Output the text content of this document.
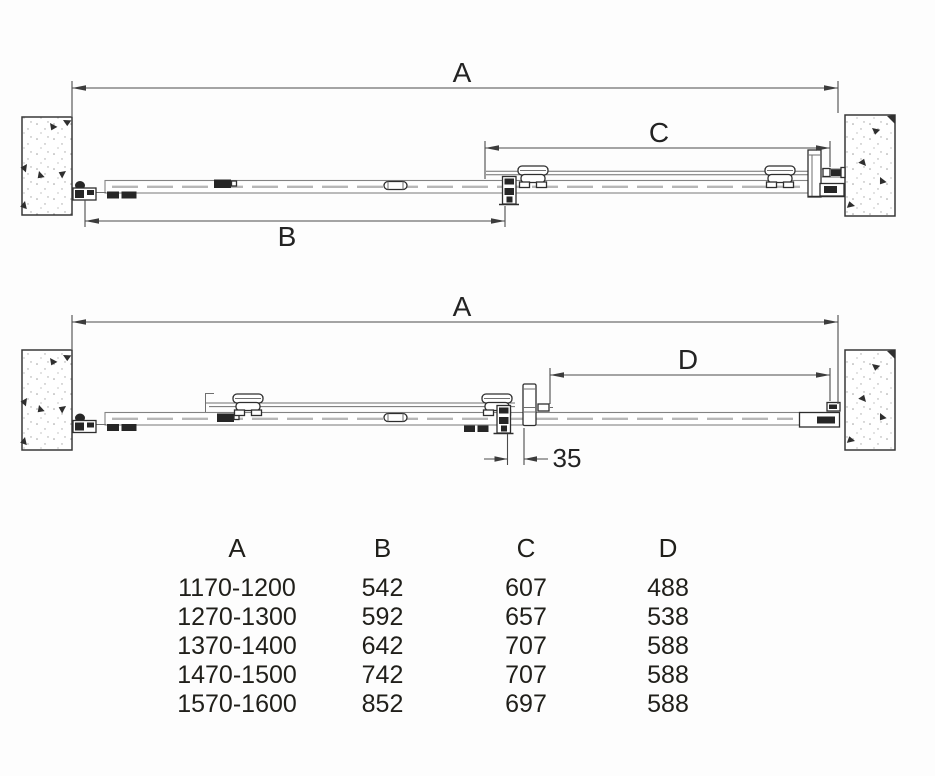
A
C
B
A
D
35
A	B	C	D
1170-1200	542	607	488
1270-1300	592	657	538
1370-1400	642	707	588
1470-1500	742	707	588
1570-1600	852	697	588
